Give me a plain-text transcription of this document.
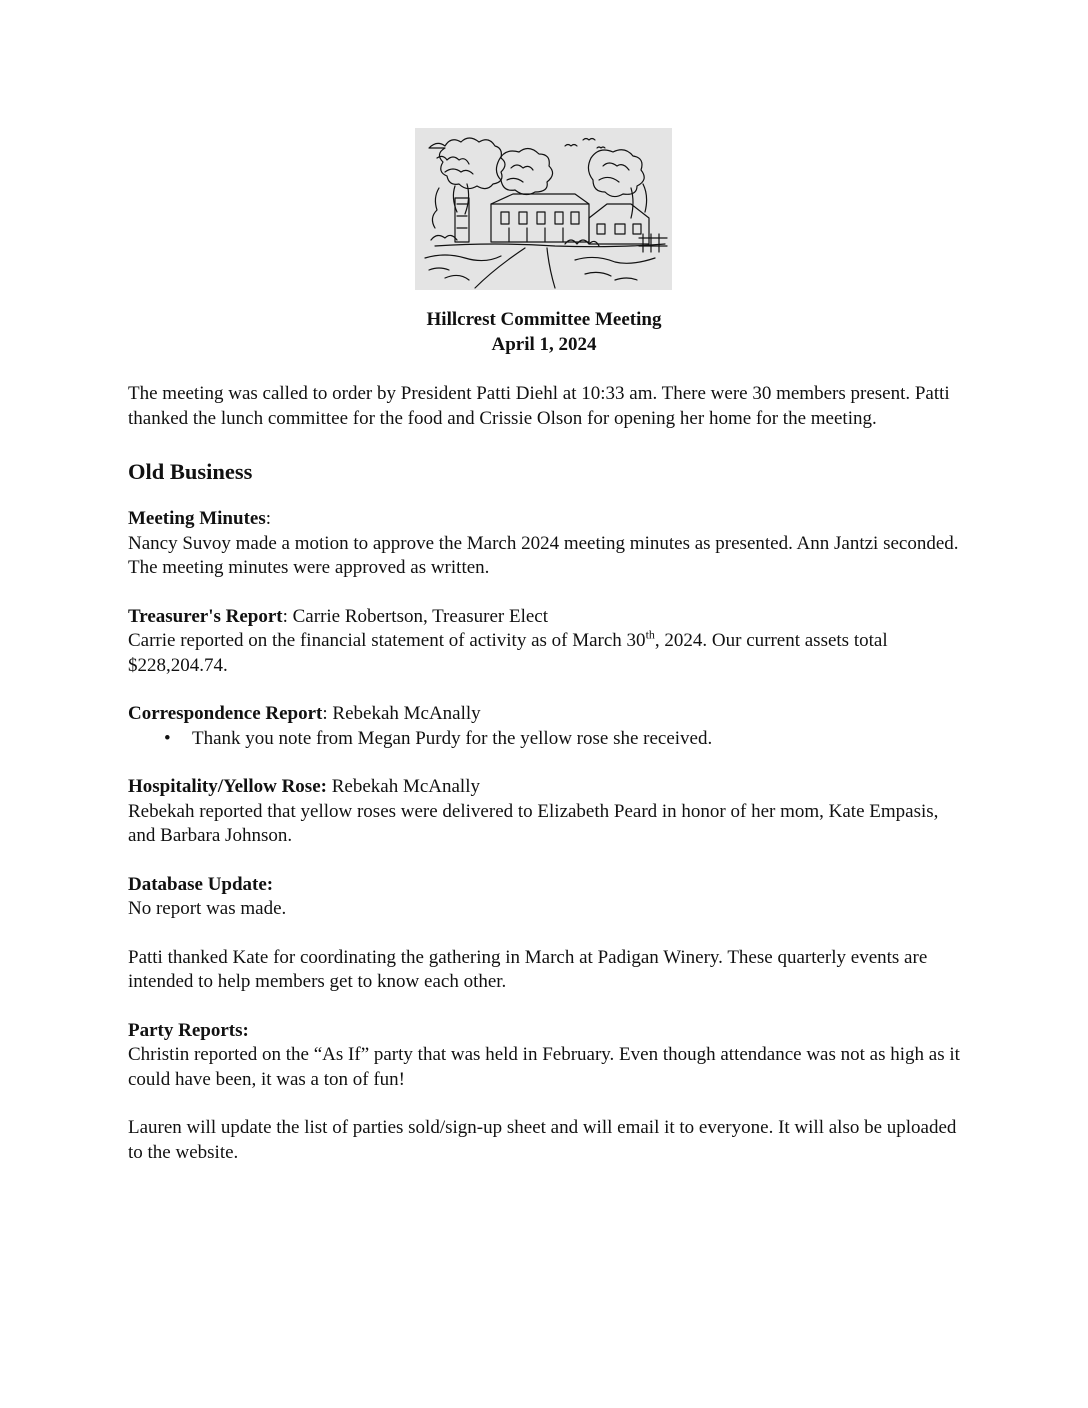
Hillcrest Committee Meeting
April 1, 2024

The meeting was called to order by President Patti Diehl at 10:33 am. There were 30 members present. Patti thanked the lunch committee for the food and Crissie Olson for opening her home for the meeting.

Old Business

Meeting Minutes:

Nancy Suvoy made a motion to approve the March 2024 meeting minutes as presented. Ann Jantzi seconded. The meeting minutes were approved as written.

Treasurer's Report: Carrie Robertson, Treasurer Elect

Carrie reported on the financial statement of activity as of March 30th, 2024. Our current assets total $228,204.74.

Correspondence Report: Rebekah McAnally

• Thank you note from Megan Purdy for the yellow rose she received.

Hospitality/Yellow Rose: Rebekah McAnally

Rebekah reported that yellow roses were delivered to Elizabeth Peard in honor of her mom, Kate Empasis, and Barbara Johnson.

Database Update:

No report was made.

Patti thanked Kate for coordinating the gathering in March at Padigan Winery. These quarterly events are intended to help members get to know each other.

Party Reports:

Christin reported on the “As If” party that was held in February. Even though attendance was not as high as it could have been, it was a ton of fun!

Lauren will update the list of parties sold/sign-up sheet and will email it to everyone. It will also be uploaded to the website.
